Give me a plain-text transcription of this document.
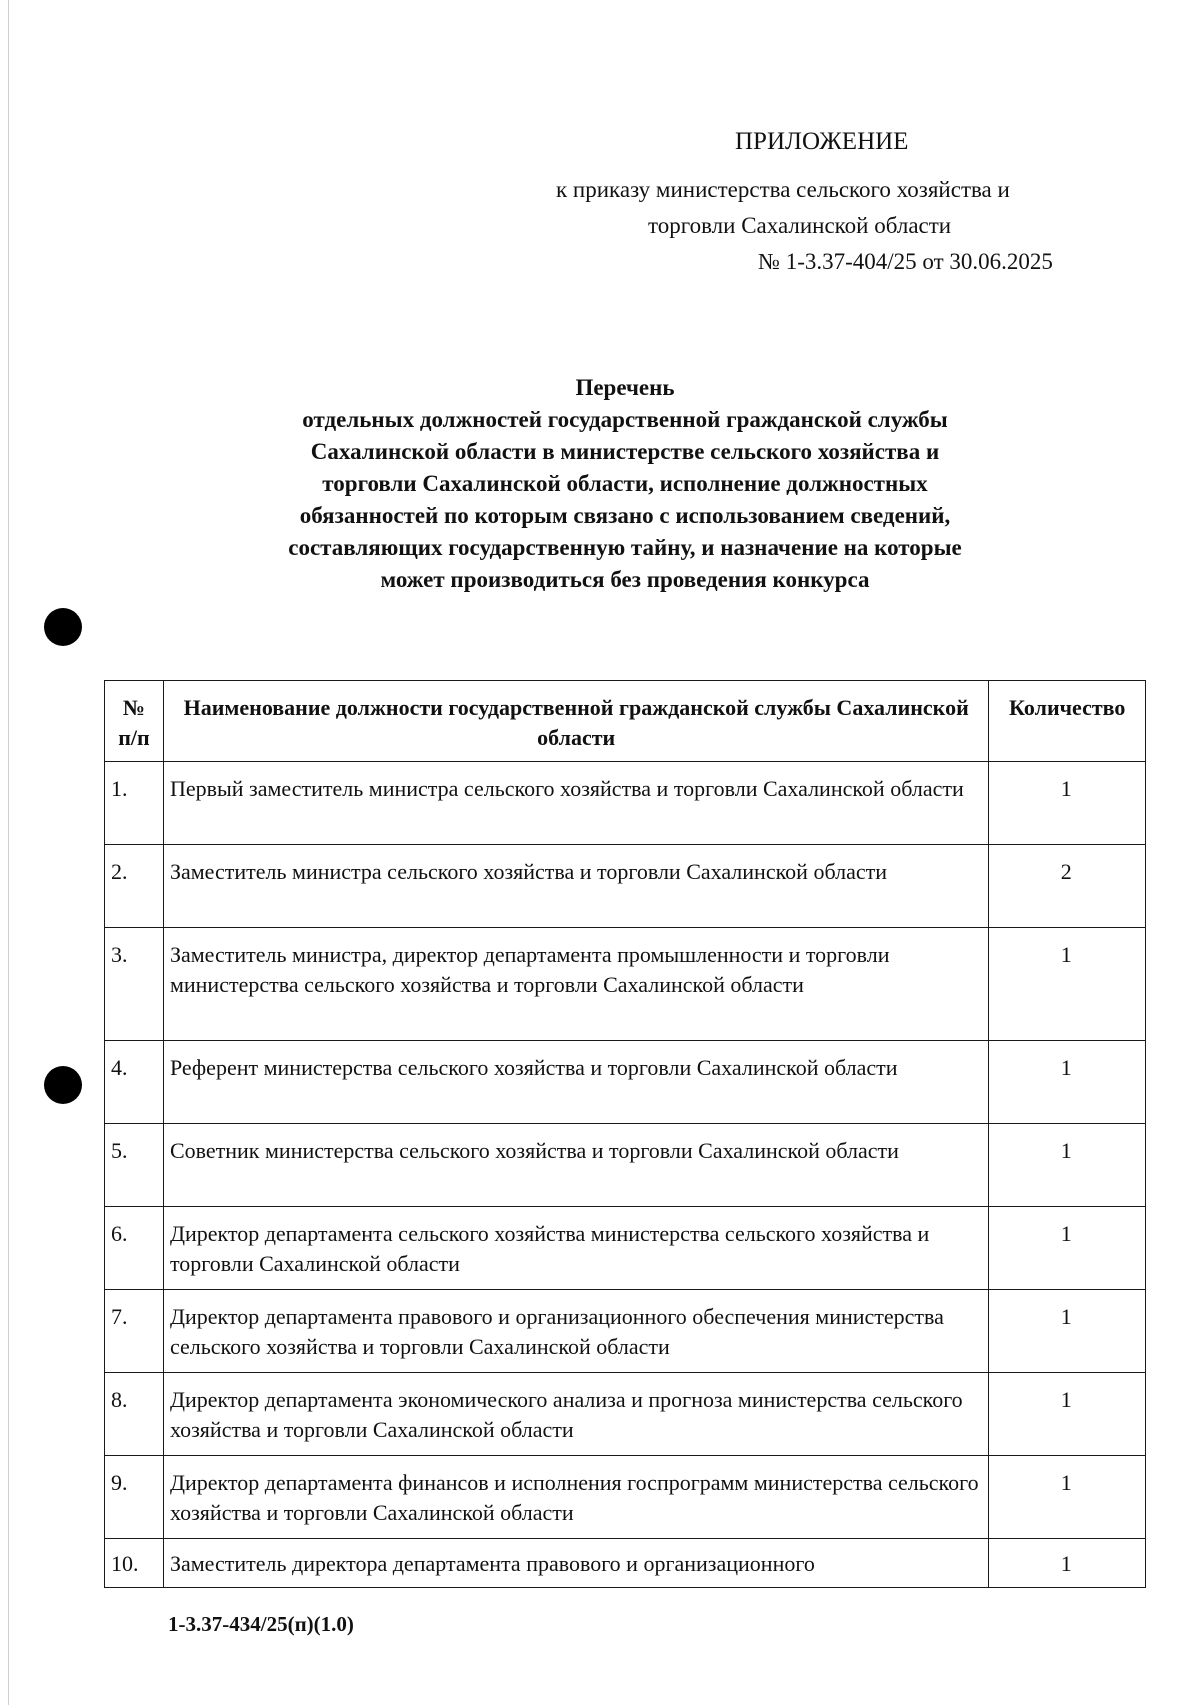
ПРИЛОЖЕНИЕ
к приказу министерства сельского хозяйства и
торговли Сахалинской области
№ 1-3.37-404/25 от 30.06.2025
Перечень
отдельных должностей государственной гражданской службы
Сахалинской области в министерстве сельского хозяйства и
торговли Сахалинской области, исполнение должностных
обязанностей по которым связано с использованием сведений,
составляющих государственную тайну, и назначение на которые
может производиться без проведения конкурса
№ п/п	Наименование должности государственной гражданской службы Сахалинской области	Количество
1.	Первый заместитель министра сельского хозяйства и торговли Сахалинской области	1
2.	Заместитель министра сельского хозяйства и торговли Сахалинской области	2
3.	Заместитель министра, директор департамента промышленности и торговли министерства сельского хозяйства и торговли Сахалинской области	1
4.	Референт министерства сельского хозяйства и торговли Сахалинской области	1
5.	Советник министерства сельского хозяйства и торговли Сахалинской области	1
6.	Директор департамента сельского хозяйства министерства сельского хозяйства и торговли Сахалинской области	1
7.	Директор департамента правового и организационного обеспечения министерства сельского хозяйства и торговли Сахалинской области	1
8.	Директор департамента экономического анализа и прогноза министерства сельского хозяйства и торговли Сахалинской области	1
9.	Директор департамента финансов и исполнения госпрограмм министерства сельского хозяйства и торговли Сахалинской области	1
10.	Заместитель директора департамента правового и организационного	1
1-3.37-434/25(п)(1.0)
